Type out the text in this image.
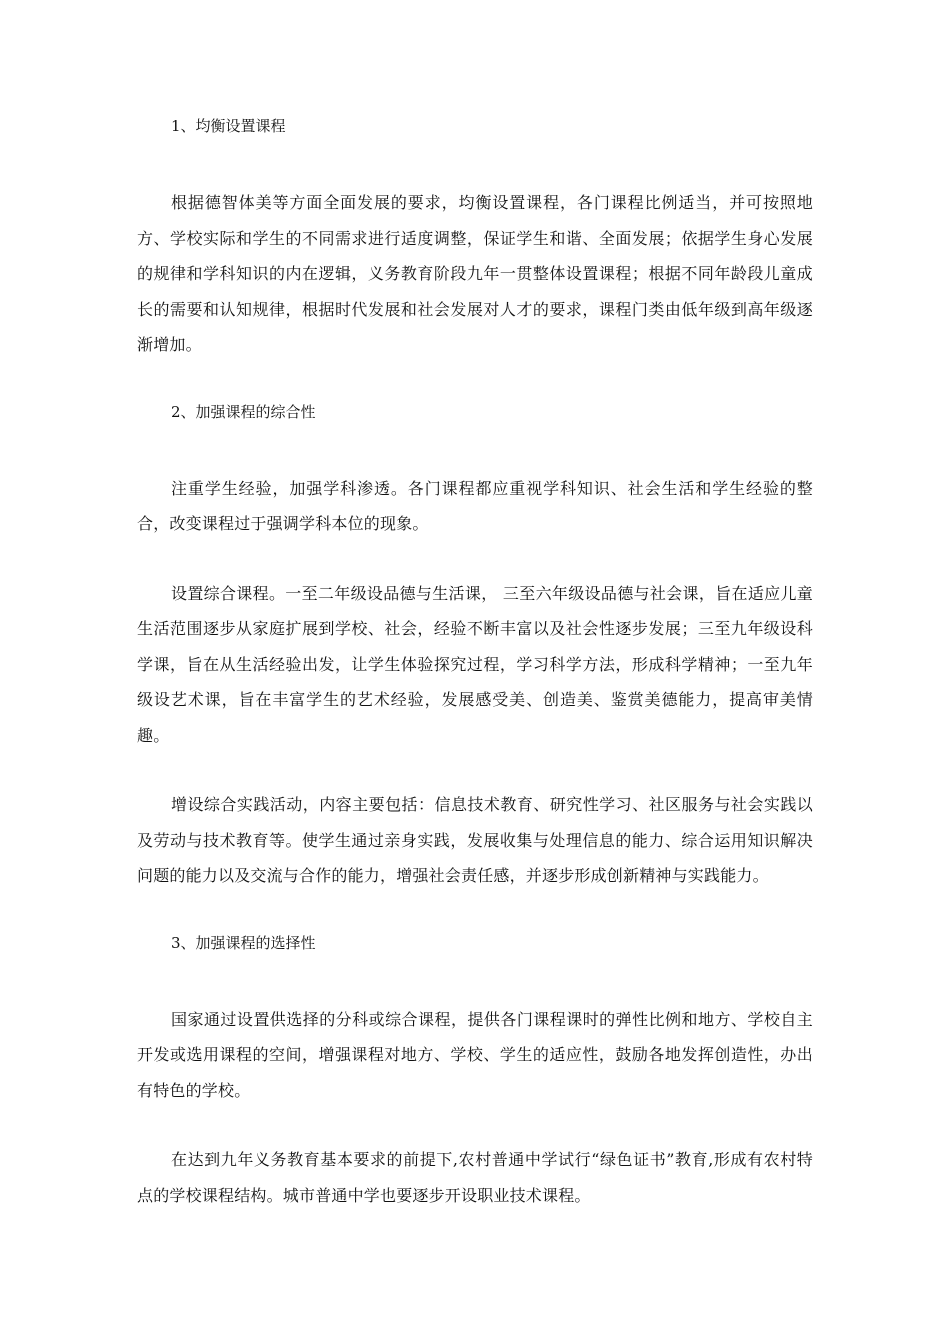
1、均衡设置课程

根据德智体美等方面全面发展的要求，均衡设置课程，各门课程比例适当，并可按照地方、学校实际和学生的不同需求进行适度调整，保证学生和谐、全面发展；依据学生身心发展的规律和学科知识的内在逻辑，义务教育阶段九年一贯整体设置课程；根据不同年龄段儿童成长的需要和认知规律，根据时代发展和社会发展对人才的要求，课程门类由低年级到高年级逐渐增加。

2、加强课程的综合性

注重学生经验，加强学科渗透。各门课程都应重视学科知识、社会生活和学生经验的整合，改变课程过于强调学科本位的现象。

设置综合课程。一至二年级设品德与生活课， 三至六年级设品德与社会课，旨在适应儿童生活范围逐步从家庭扩展到学校、社会，经验不断丰富以及社会性逐步发展；三至九年级设科学课，旨在从生活经验出发，让学生体验探究过程，学习科学方法，形成科学精神；一至九年级设艺术课，旨在丰富学生的艺术经验，发展感受美、创造美、鉴赏美德能力，提高审美情趣。

增设综合实践活动，内容主要包括：信息技术教育、研究性学习、社区服务与社会实践以及劳动与技术教育等。使学生通过亲身实践，发展收集与处理信息的能力、综合运用知识解决问题的能力以及交流与合作的能力，增强社会责任感，并逐步形成创新精神与实践能力。

3、加强课程的选择性

国家通过设置供选择的分科或综合课程，提供各门课程课时的弹性比例和地方、学校自主开发或选用课程的空间，增强课程对地方、学校、学生的适应性，鼓励各地发挥创造性，办出有特色的学校。

在达到九年义务教育基本要求的前提下,农村普通中学试行“绿色证书”教育,形成有农村特点的学校课程结构。城市普通中学也要逐步开设职业技术课程。
